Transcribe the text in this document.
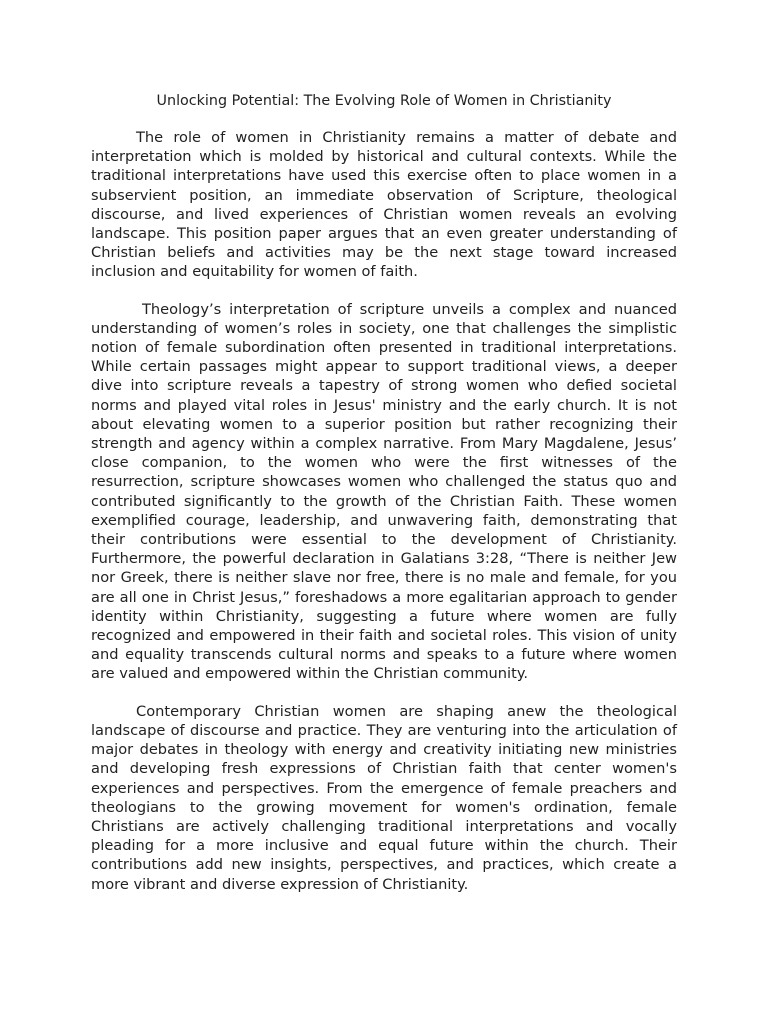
Unlocking Potential: The Evolving Role of Women in Christianity

The role of women in Christianity remains a matter of debate and interpretation which is molded by historical and cultural contexts. While the traditional interpretations have used this exercise often to place women in a subservient position, an immediate observation of Scripture, theological discourse, and lived experiences of Christian women reveals an evolving landscape. This position paper argues that an even greater understanding of Christian beliefs and activities may be the next stage toward increased inclusion and equitability for women of faith.

Theology’s interpretation of scripture unveils a complex and nuanced understanding of women’s roles in society, one that challenges the simplistic notion of female subordination often presented in traditional interpretations. While certain passages might appear to support traditional views, a deeper dive into scripture reveals a tapestry of strong women who defied societal norms and played vital roles in Jesus' ministry and the early church. It is not about elevating women to a superior position but rather recognizing their strength and agency within a complex narrative. From Mary Magdalene, Jesus’ close companion, to the women who were the first witnesses of the resurrection, scripture showcases women who challenged the status quo and contributed significantly to the growth of the Christian Faith. These women exemplified courage, leadership, and unwavering faith, demonstrating that their contributions were essential to the development of Christianity. Furthermore, the powerful declaration in Galatians 3:28, “There is neither Jew nor Greek, there is neither slave nor free, there is no male and female, for you are all one in Christ Jesus,” foreshadows a more egalitarian approach to gender identity within Christianity, suggesting a future where women are fully recognized and empowered in their faith and societal roles. This vision of unity and equality transcends cultural norms and speaks to a future where women are valued and empowered within the Christian community.

Contemporary Christian women are shaping anew the theological landscape of discourse and practice. They are venturing into the articulation of major debates in theology with energy and creativity initiating new ministries and developing fresh expressions of Christian faith that center women's experiences and perspectives. From the emergence of female preachers and theologians to the growing movement for women's ordination, female Christians are actively challenging traditional interpretations and vocally pleading for a more inclusive and equal future within the church. Their contributions add new insights, perspectives, and practices, which create a more vibrant and diverse expression of Christianity.
